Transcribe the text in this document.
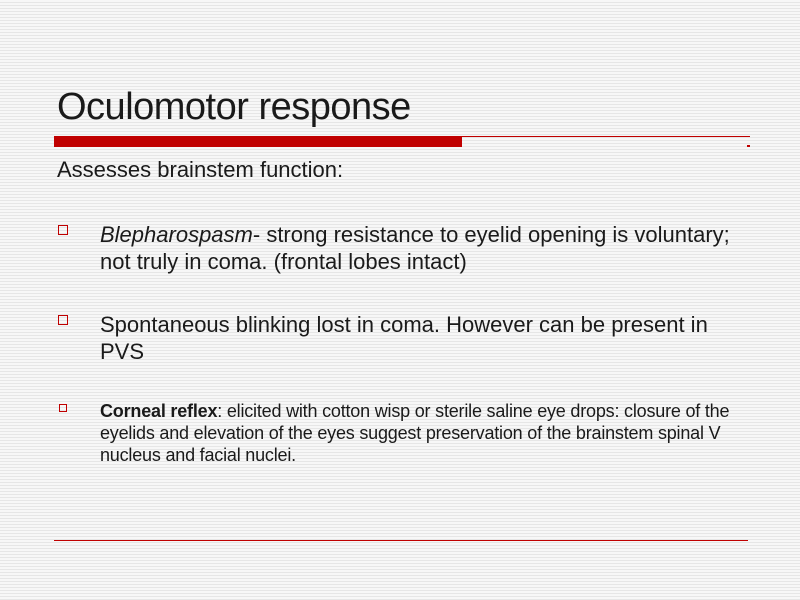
Oculomotor response

Assesses brainstem function:

Blepharospasm- strong resistance to eyelid opening is voluntary; not truly in coma. (frontal lobes intact)

Spontaneous blinking lost in coma. However can be present in PVS

Corneal reflex: elicited with cotton wisp or sterile saline eye drops: closure of the eyelids and elevation of the eyes suggest preservation of the brainstem spinal V nucleus and facial nuclei.
